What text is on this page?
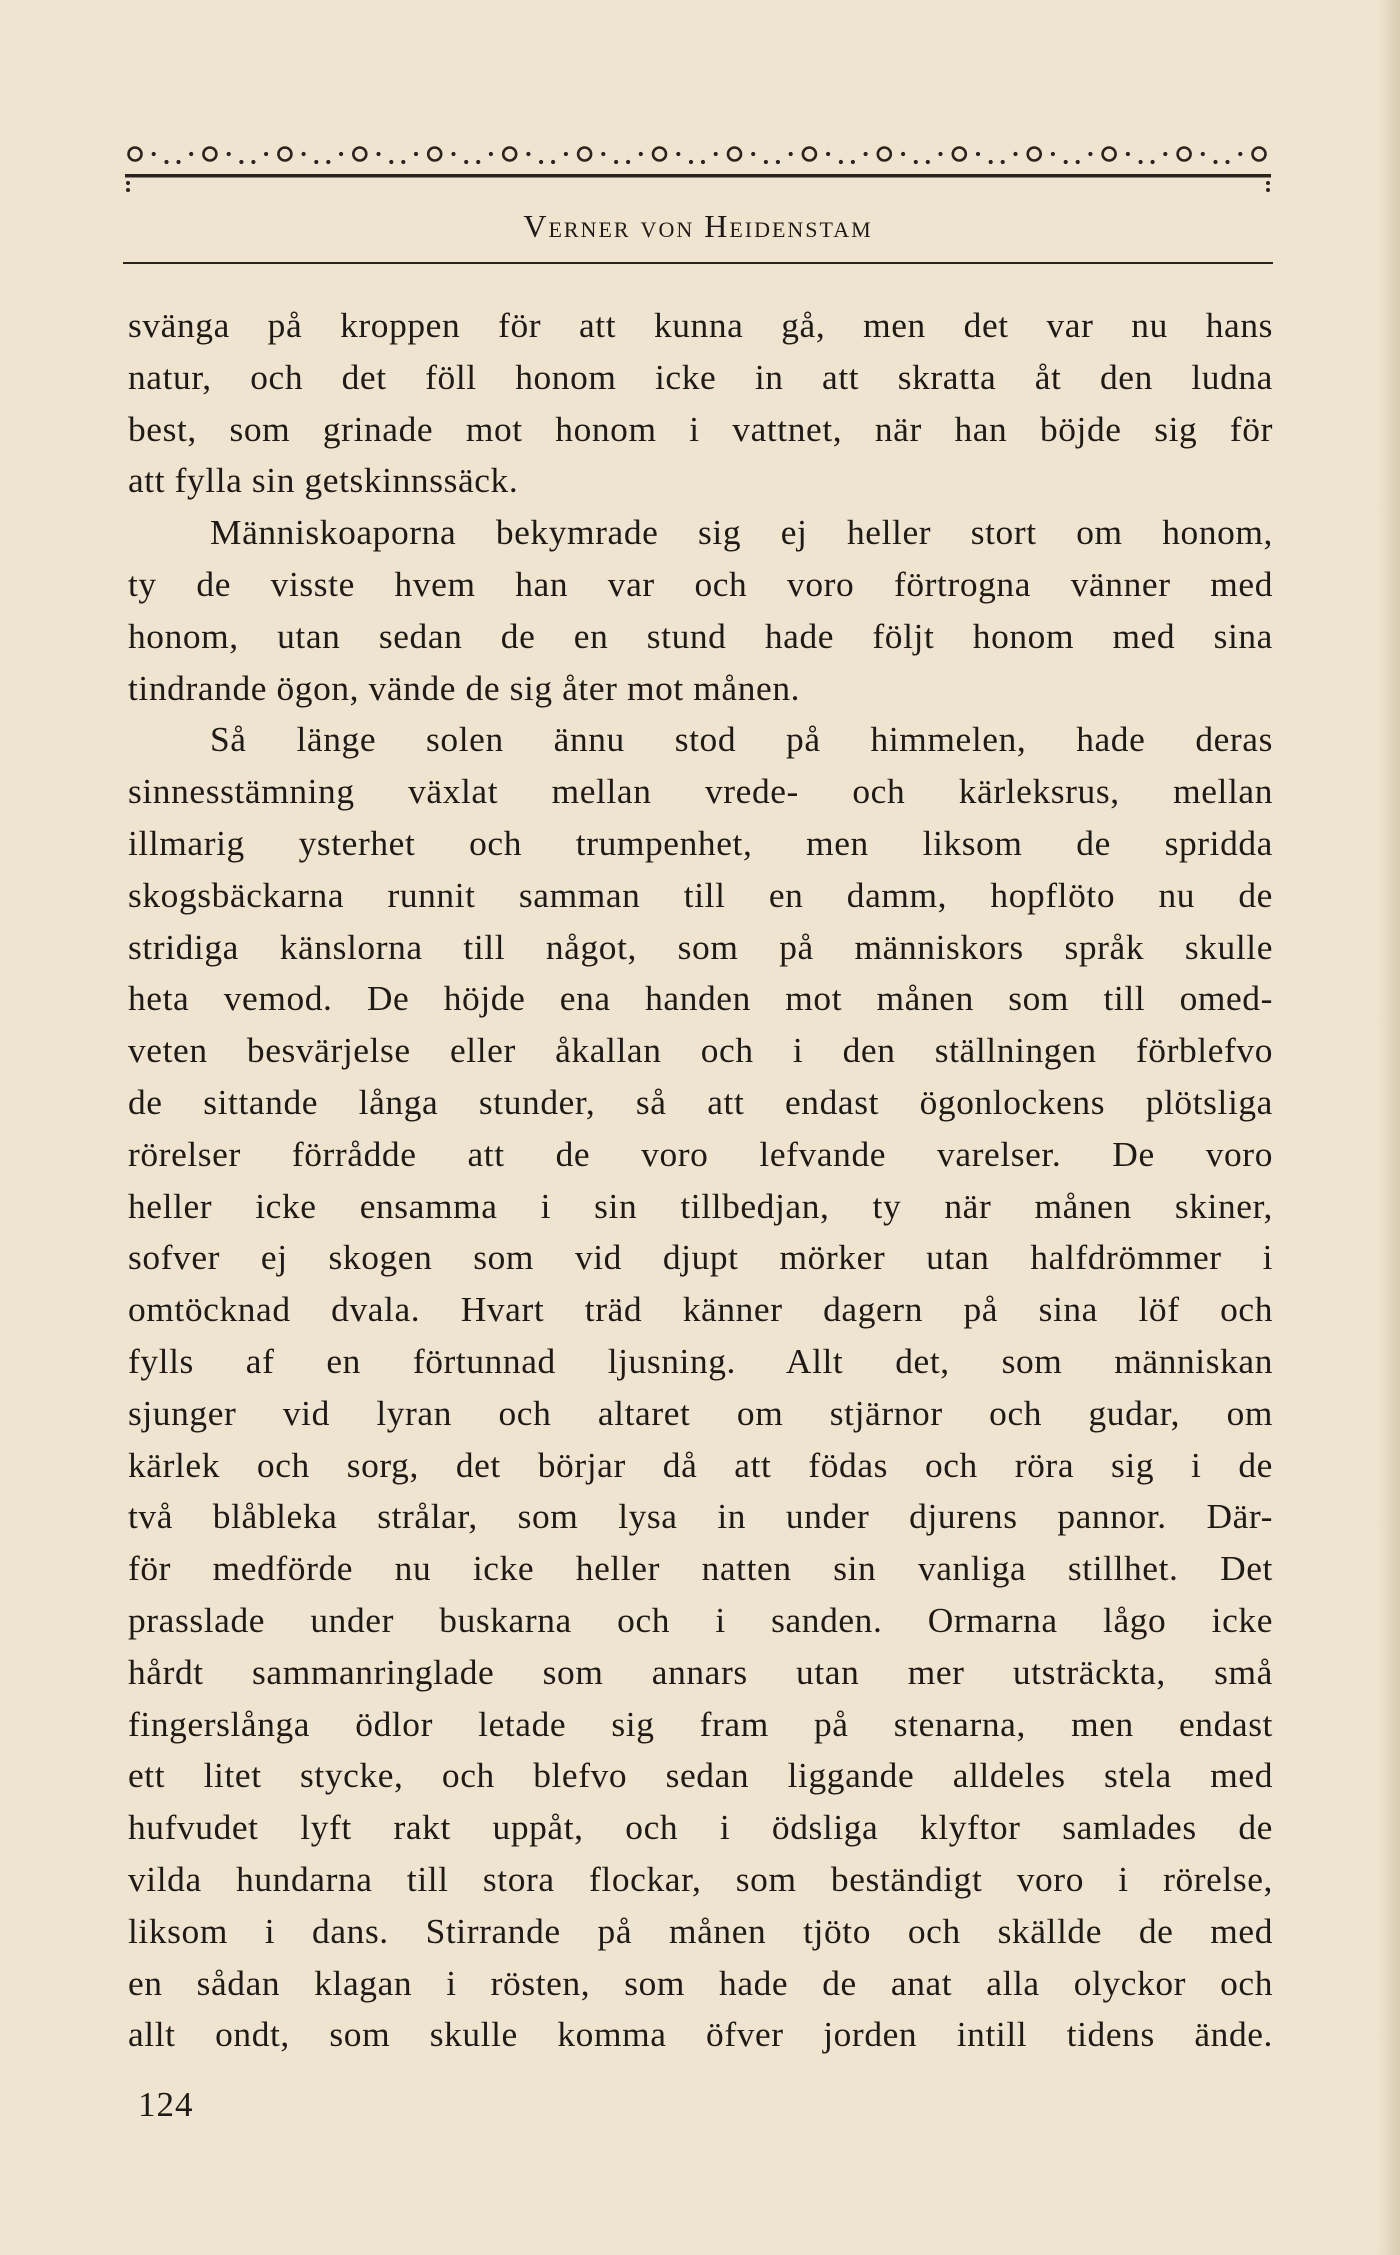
Verner von Heidenstam
svänga på kroppen för att kunna gå, men det var nu hans
natur, och det föll honom icke in att skratta åt den ludna
best, som grinade mot honom i vattnet, när han böjde sig för
att fylla sin getskinnssäck.
Människoaporna bekymrade sig ej heller stort om honom,
ty de visste hvem han var och voro förtrogna vänner med
honom, utan sedan de en stund hade följt honom med sina
tindrande ögon, vände de sig åter mot månen.
Så länge solen ännu stod på himmelen, hade deras
sinnesstämning växlat mellan vrede- och kärleksrus, mellan
illmarig ysterhet och trumpenhet, men liksom de spridda
skogsbäckarna runnit samman till en damm, hopflöto nu de
stridiga känslorna till något, som på människors språk skulle
heta vemod. De höjde ena handen mot månen som till omed-
veten besvärjelse eller åkallan och i den ställningen förblefvo
de sittande långa stunder, så att endast ögonlockens plötsliga
rörelser förrådde att de voro lefvande varelser. De voro
heller icke ensamma i sin tillbedjan, ty när månen skiner,
sofver ej skogen som vid djupt mörker utan halfdrömmer i
omtöcknad dvala. Hvart träd känner dagern på sina löf och
fylls af en förtunnad ljusning. Allt det, som människan
sjunger vid lyran och altaret om stjärnor och gudar, om
kärlek och sorg, det börjar då att födas och röra sig i de
två blåbleka strålar, som lysa in under djurens pannor. Där-
för medförde nu icke heller natten sin vanliga stillhet. Det
prasslade under buskarna och i sanden. Ormarna lågo icke
hårdt sammanringlade som annars utan mer utsträckta, små
fingerslånga ödlor letade sig fram på stenarna, men endast
ett litet stycke, och blefvo sedan liggande alldeles stela med
hufvudet lyft rakt uppåt, och i ödsliga klyftor samlades de
vilda hundarna till stora flockar, som beständigt voro i rörelse,
liksom i dans. Stirrande på månen tjöto och skällde de med
en sådan klagan i rösten, som hade de anat alla olyckor och
allt ondt, som skulle komma öfver jorden intill tidens ände.
124
